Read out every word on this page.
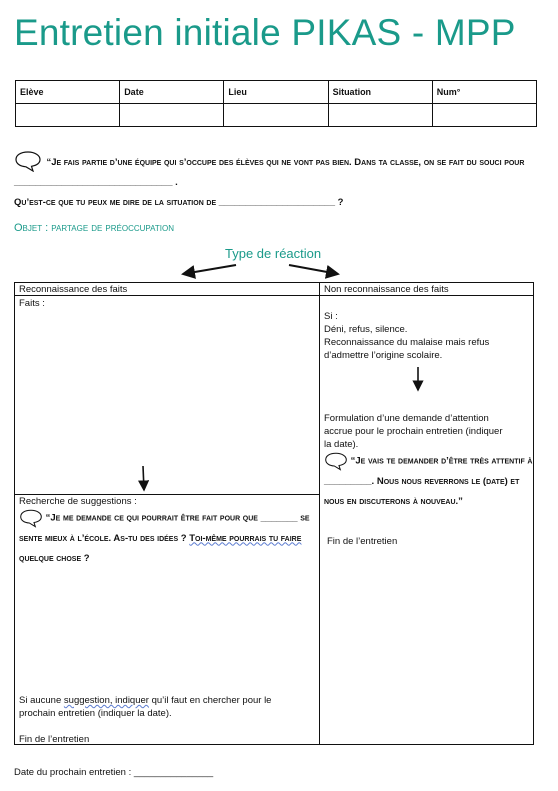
Entretien initiale PIKAS - MPP
Elève	Date	Lieu	Situation	Num°

“Je fais partie d’une équipe qui s’occupe des élèves qui ne vont pas bien. Dans ta classe, on se fait du souci pour
______________________________ .
Qu’est-ce que tu peux me dire de la situation de ______________________ ?
Objet : partage de préoccupation
Type de réaction
Reconnaissance des faits	Non reconnaissance des faits
Faits :
Recherche de suggestions :
“Je me demande ce qui pourrait être fait pour que _______ se
sente mieux à l’école. As-tu des idées ? Toi-même pourrais tu faire
quelque chose ?
Si aucune suggestion, indiquer qu’il faut en chercher pour le
prochain entretien (indiquer la date).
Fin de l’entretien
Si :
Déni, refus, silence.
Reconnaissance du malaise mais refus
d’admettre l’origine scolaire.
Formulation d’une demande d’attention
accrue pour le prochain entretien (indiquer
la date).
“Je vais te demander d’être très attentif à
_________. Nous nous reverrons le (date) et
nous en discuterons à nouveau.”
Fin de l’entretien
Date du prochain entretien : _______________
